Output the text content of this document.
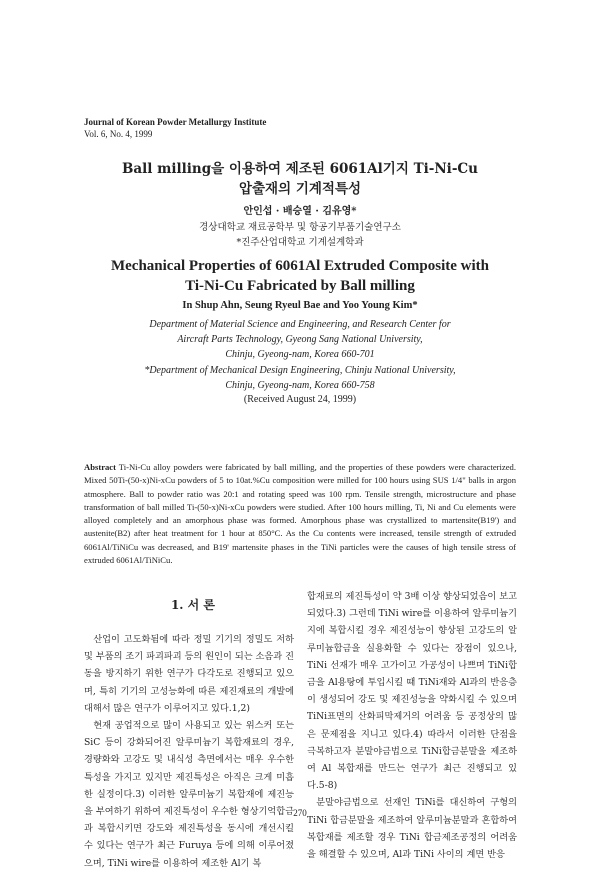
Journal of Korean Powder Metallurgy Institute
Vol. 6, No. 4, 1999
Ball milling을 이용하여 제조된 6061Al기지 Ti-Ni-Cu
압출재의 기계적특성
안인섭 · 배승열 · 김유영*
경상대학교 재료공학부 및 항공기부품기술연구소
*진주산업대학교 기계설계학과
Mechanical Properties of 6061Al Extruded Composite with
Ti-Ni-Cu Fabricated by Ball milling
In Shup Ahn, Seung Ryeul Bae and Yoo Young Kim*
Department of Material Science and Engineering, and Research Center for
Aircraft Parts Technology, Gyeong Sang National University,
Chinju, Gyeong-nam, Korea 660-701
*Department of Mechanical Design Engineering, Chinju National University,
Chinju, Gyeong-nam, Korea 660-758
(Received August 24, 1999)
Abstract Ti-Ni-Cu alloy powders were fabricated by ball milling, and the properties of these powders were characterized. Mixed 50Ti-(50-x)Ni-xCu powders of 5 to 10at.%Cu composition were milled for 100 hours using SUS 1/4" balls in argon atmosphere. Ball to powder ratio was 20:1 and rotating speed was 100 rpm. Tensile strength, microstructure and phase transformation of ball milled Ti-(50-x)Ni-xCu powders were studied. After 100 hours milling, Ti, Ni and Cu elements were alloyed completely and an amorphous phase was formed. Amorphous phase was crystallized to martensite(B19') and austenite(B2) after heat treatment for 1 hour at 850°C. As the Cu contents were increased, tensile strength of extruded 6061Al/TiNiCu was decreased, and B19' martensite phases in the TiNi particles were the causes of high tensile stress of extruded 6061Al/TiNiCu.
1. 서 론

산업이 고도화됨에 따라 정밀 기기의 정밀도 저하 및 부품의 조기 파괴파괴 등의 원인이 되는 소음과 진동을 방지하기 위한 연구가 다각도로 진행되고 있으며, 특히 기기의 고성능화에 따른 제진재료의 개발에 대해서 많은 연구가 이루어지고 있다.1,2)

현재 공업적으로 많이 사용되고 있는 위스커 또는 SiC 등이 강화되어진 알루미늄기 복합재료의 경우, 경량화와 고강도 및 내식성 측면에서는 매우 우수한 특성을 가지고 있지만 제진특성은 아직은 크게 미흡한 실정이다.3) 이러한 알루미늄기 복합재에 제진능을 부여하기 위하여 제진특성이 우수한 형상기억합금과 복합시키면 강도와 제진특성을 동시에 개선시킬 수 있다는 연구가 최근 Furuya 등에 의해 이루어졌으며, TiNi wire를 이용하여 제조한 Al기 복

합재료의 제진특성이 약 3배 이상 향상되었음이 보고되었다.3) 그런데 TiNi wire를 이용하여 알루미늄기지에 복합시킬 경우 제진성능이 향상된 고강도의 알루미늄합금을 실용화할 수 있다는 장점이 있으나, TiNi 선재가 매우 고가이고 가공성이 나쁘며 TiNi합금을 Al용탕에 투입시킬 때 TiNi재와 Al과의 반응층이 생성되어 강도 및 제진성능을 약화시킬 수 있으며 TiNi표면의 산화피막제거의 어려움 등 공정상의 많은 문제점을 지니고 있다.4) 따라서 이러한 단점을 극복하고자 분말야금법으로 TiNi합금분말을 제조하여 Al 복합재를 만드는 연구가 최근 진행되고 있다.5-8)

분말야금법으로 선재인 TiNi를 대신하여 구형의 TiNi 합금분말을 제조하여 알루미늄분말과 혼합하여 복합재를 제조할 경우 TiNi 합금제조공정의 어려움을 해결할 수 있으며, Al과 TiNi 사이의 계면 반응

270
